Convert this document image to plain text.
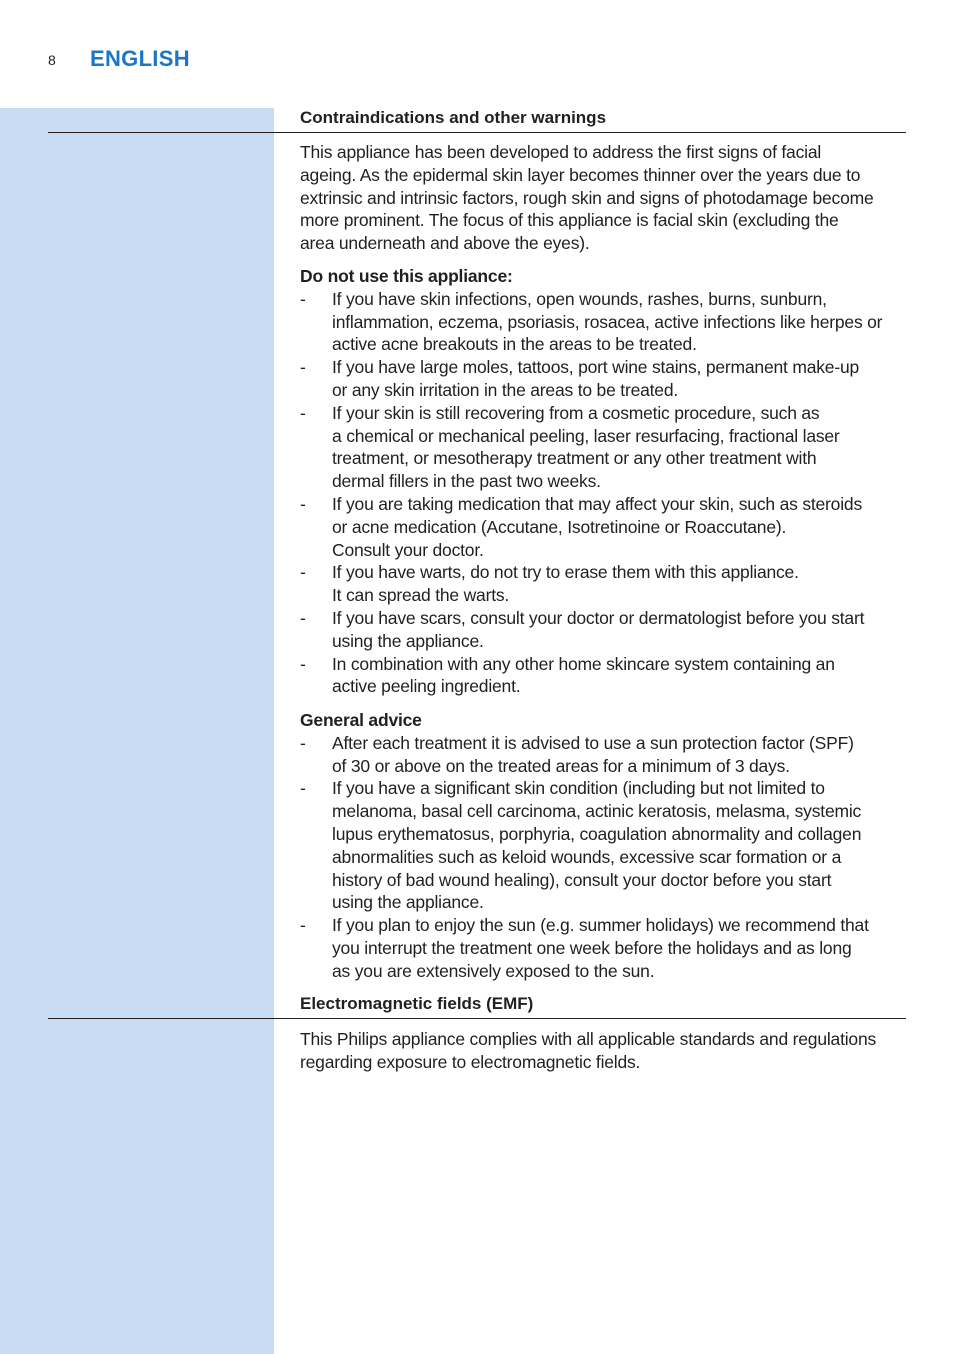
8 ENGLISH
Contraindications and other warnings
This appliance has been developed to address the first signs of facial
ageing. As the epidermal skin layer becomes thinner over the years due to
extrinsic and intrinsic factors, rough skin and signs of photodamage become
more prominent. The focus of this appliance is facial skin (excluding the
area underneath and above the eyes).
Do not use this appliance:
- If you have skin infections, open wounds, rashes, burns, sunburn,
inflammation, eczema, psoriasis, rosacea, active infections like herpes or
active acne breakouts in the areas to be treated.
- If you have large moles, tattoos, port wine stains, permanent make-up
or any skin irritation in the areas to be treated.
- If your skin is still recovering from a cosmetic procedure, such as
a chemical or mechanical peeling, laser resurfacing, fractional laser
treatment, or mesotherapy treatment or any other treatment with
dermal fillers in the past two weeks.
- If you are taking medication that may affect your skin, such as steroids
or acne medication (Accutane, Isotretinoine or Roaccutane).
Consult your doctor.
- If you have warts, do not try to erase them with this appliance.
It can spread the warts.
- If you have scars, consult your doctor or dermatologist before you start
using the appliance.
- In combination with any other home skincare system containing an
active peeling ingredient.
General advice
- After each treatment it is advised to use a sun protection factor (SPF)
of 30 or above on the treated areas for a minimum of 3 days.
- If you have a significant skin condition (including but not limited to
melanoma, basal cell carcinoma, actinic keratosis, melasma, systemic
lupus erythematosus, porphyria, coagulation abnormality and collagen
abnormalities such as keloid wounds, excessive scar formation or a
history of bad wound healing), consult your doctor before you start
using the appliance.
- If you plan to enjoy the sun (e.g. summer holidays) we recommend that
you interrupt the treatment one week before the holidays and as long
as you are extensively exposed to the sun.
Electromagnetic fields (EMF)
This Philips appliance complies with all applicable standards and regulations
regarding exposure to electromagnetic fields.
